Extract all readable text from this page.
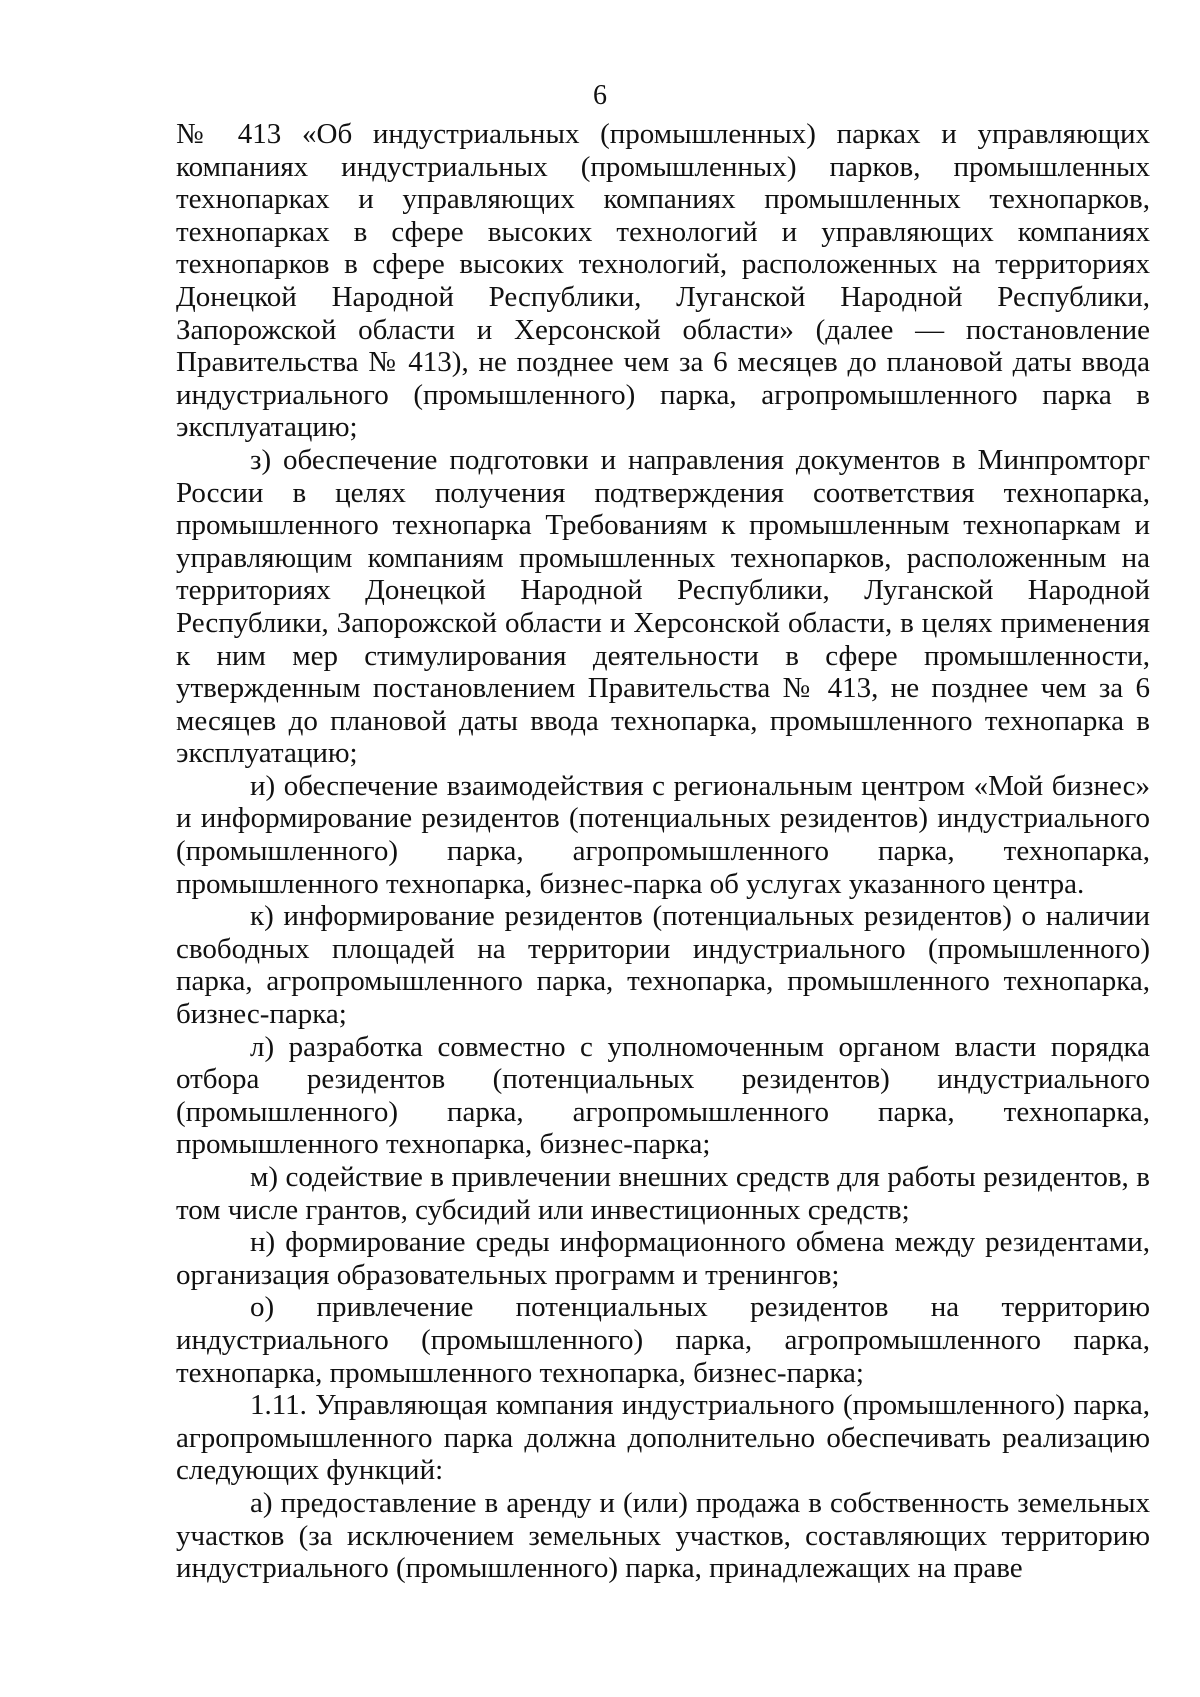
6

№ 413 «Об индустриальных (промышленных) парках и управляющих компаниях индустриальных (промышленных) парков, промышленных технопарках и управляющих компаниях промышленных технопарков, технопарках в сфере высоких технологий и управляющих компаниях технопарков в сфере высоких технологий, расположенных на территориях Донецкой Народной Республики, Луганской Народной Республики, Запорожской области и Херсонской области» (далее — постановление Правительства № 413), не позднее чем за 6 месяцев до плановой даты ввода индустриального (промышленного) парка, агропромышленного парка в эксплуатацию;

з) обеспечение подготовки и направления документов в Минпромторг России в целях получения подтверждения соответствия технопарка, промышленного технопарка Требованиям к промышленным технопаркам и управляющим компаниям промышленных технопарков, расположенным на территориях Донецкой Народной Республики, Луганской Народной Республики, Запорожской области и Херсонской области, в целях применения к ним мер стимулирования деятельности в сфере промышленности, утвержденным постановлением Правительства № 413, не позднее чем за 6 месяцев до плановой даты ввода технопарка, промышленного технопарка в эксплуатацию;

и) обеспечение взаимодействия с региональным центром «Мой бизнес» и информирование резидентов (потенциальных резидентов) индустриального (промышленного) парка, агропромышленного парка, технопарка, промышленного технопарка, бизнес-парка об услугах указанного центра.

к) информирование резидентов (потенциальных резидентов) о наличии свободных площадей на территории индустриального (промышленного) парка, агропромышленного парка, технопарка, промышленного технопарка, бизнес-парка;

л) разработка совместно с уполномоченным органом власти порядка отбора резидентов (потенциальных резидентов) индустриального (промышленного) парка, агропромышленного парка, технопарка, промышленного технопарка, бизнес-парка;

м) содействие в привлечении внешних средств для работы резидентов, в том числе грантов, субсидий или инвестиционных средств;

н) формирование среды информационного обмена между резидентами, организация образовательных программ и тренингов;

о) привлечение потенциальных резидентов на территорию индустриального (промышленного) парка, агропромышленного парка, технопарка, промышленного технопарка, бизнес-парка;

1.11. Управляющая компания индустриального (промышленного) парка, агропромышленного парка должна дополнительно обеспечивать реализацию следующих функций:

а) предоставление в аренду и (или) продажа в собственность земельных участков (за исключением земельных участков, составляющих территорию индустриального (промышленного) парка, принадлежащих на праве
